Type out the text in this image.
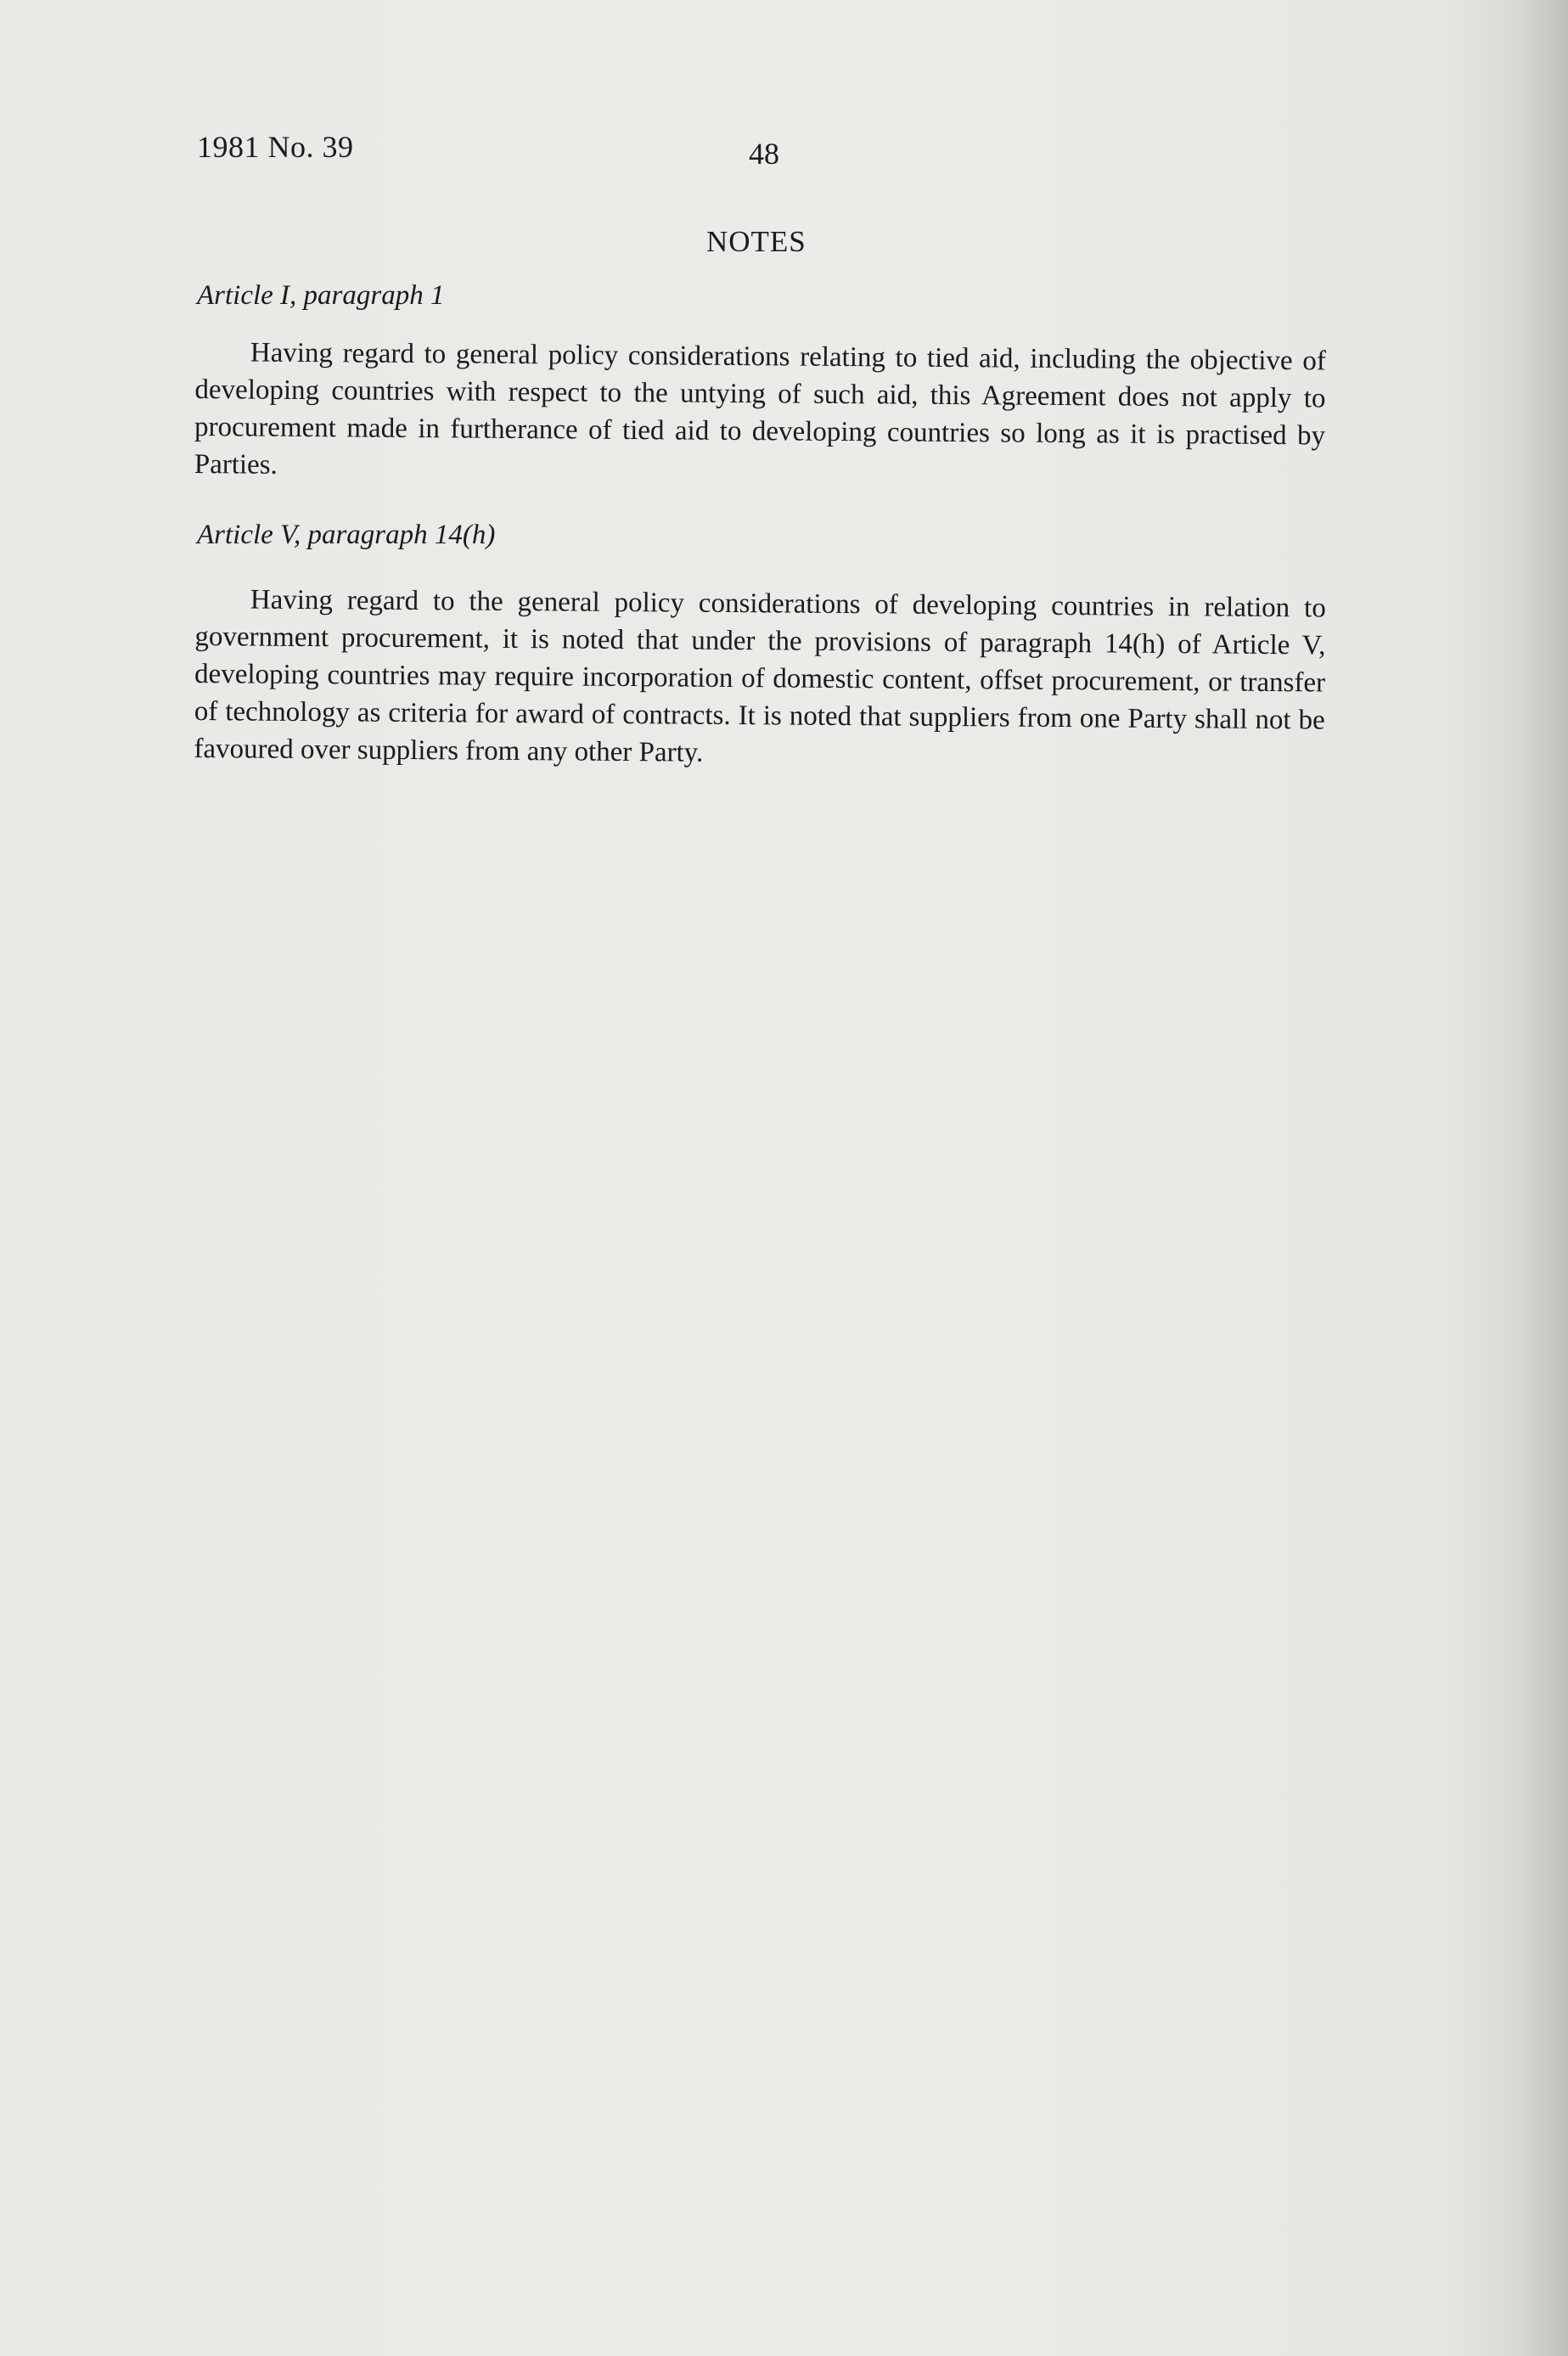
1981 No. 39	48
NOTES
Article I, paragraph 1

Having regard to general policy considerations relating to tied aid, including the objective of developing countries with respect to the untying of such aid, this Agreement does not apply to procurement made in furtherance of tied aid to developing countries so long as it is practised by Parties.

Article V, paragraph 14(h)

Having regard to the general policy considerations of developing countries in relation to government procurement, it is noted that under the provisions of paragraph 14(h) of Article V, developing countries may require incorporation of domestic content, offset procurement, or transfer of technology as criteria for award of contracts. It is noted that suppliers from one Party shall not be favoured over suppliers from any other Party.
